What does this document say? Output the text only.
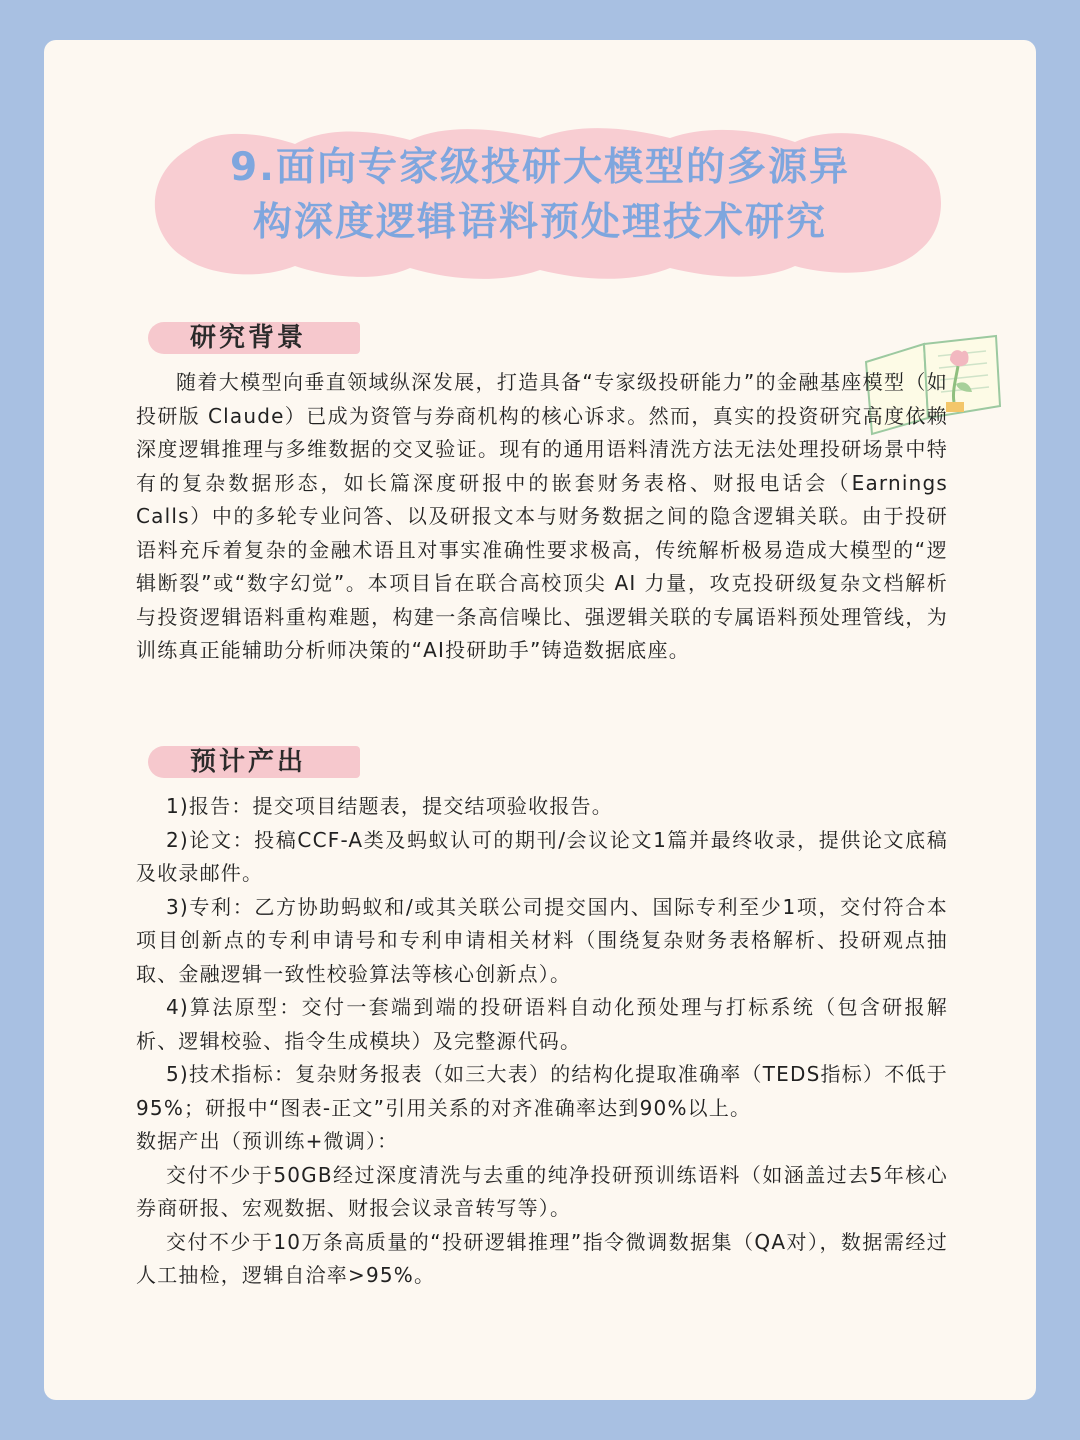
9.面向专家级投研大模型的多源异
构深度逻辑语料预处理技术研究
研究背景

随着大模型向垂直领域纵深发展，打造具备“专家级投研能力”的金融基座模型（如投研版 Claude）已成为资管与券商机构的核心诉求。然而，真实的投资研究高度依赖深度逻辑推理与多维数据的交叉验证。现有的通用语料清洗方法无法处理投研场景中特有的复杂数据形态，如长篇深度研报中的嵌套财务表格、财报电话会（Earnings Calls）中的多轮专业问答、以及研报文本与财务数据之间的隐含逻辑关联。由于投研语料充斥着复杂的金融术语且对事实准确性要求极高，传统解析极易造成大模型的“逻辑断裂”或“数字幻觉”。本项目旨在联合高校顶尖 AI 力量，攻克投研级复杂文档解析与投资逻辑语料重构难题，构建一条高信噪比、强逻辑关联的专属语料预处理管线，为训练真正能辅助分析师决策的“AI投研助手”铸造数据底座。

预计产出

1)报告：提交项目结题表，提交结项验收报告。

2)论文：投稿CCF-A类及蚂蚁认可的期刊/会议论文1篇并最终收录，提供论文底稿及收录邮件。

3)专利：乙方协助蚂蚁和/或其关联公司提交国内、国际专利至少1项，交付符合本项目创新点的专利申请号和专利申请相关材料（围绕复杂财务表格解析、投研观点抽取、金融逻辑一致性校验算法等核心创新点）。

4)算法原型：交付一套端到端的投研语料自动化预处理与打标系统（包含研报解析、逻辑校验、指令生成模块）及完整源代码。

5)技术指标：复杂财务报表（如三大表）的结构化提取准确率（TEDS指标）不低于95%；研报中“图表-正文”引用关系的对齐准确率达到90%以上。

数据产出（预训练+微调）：

交付不少于50GB经过深度清洗与去重的纯净投研预训练语料（如涵盖过去5年核心券商研报、宏观数据、财报会议录音转写等）。

交付不少于10万条高质量的“投研逻辑推理”指令微调数据集（QA对），数据需经过人工抽检，逻辑自洽率>95%。
